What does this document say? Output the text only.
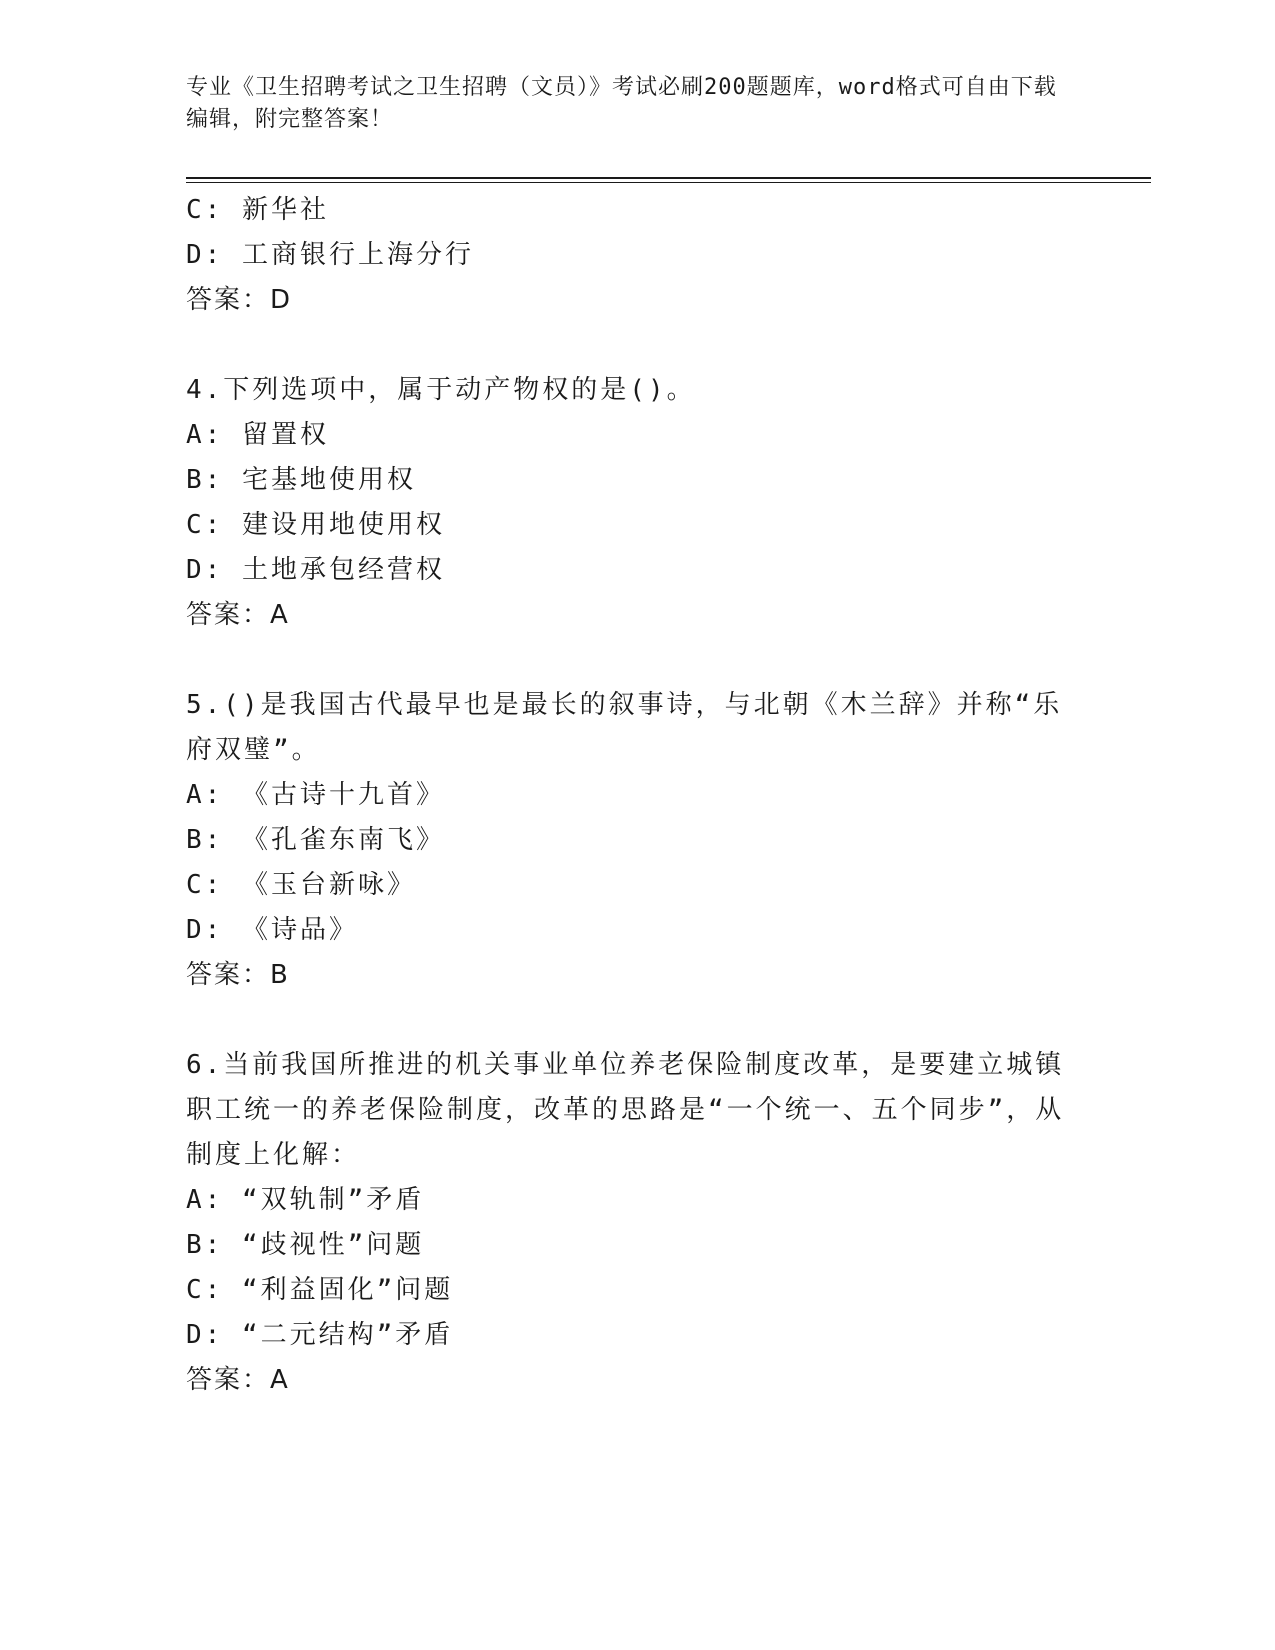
专业《卫生招聘考试之卫生招聘（文员）》考试必刷200题题库，word格式可自由下载编辑，附完整答案！
C: 新华社
D: 工商银行上海分行
答案：D
4.下列选项中，属于动产物权的是()。
A: 留置权
B: 宅基地使用权
C: 建设用地使用权
D: 土地承包经营权
答案：A
5.()是我国古代最早也是最长的叙事诗，与北朝《木兰辞》并称“乐府双璧”。
A: 《古诗十九首》
B: 《孔雀东南飞》
C: 《玉台新咏》
D: 《诗品》
答案：B
6.当前我国所推进的机关事业单位养老保险制度改革，是要建立城镇职工统一的养老保险制度，改革的思路是“一个统一、五个同步”，从制度上化解：
A: “双轨制”矛盾
B: “歧视性”问题
C: “利益固化”问题
D: “二元结构”矛盾
答案：A
